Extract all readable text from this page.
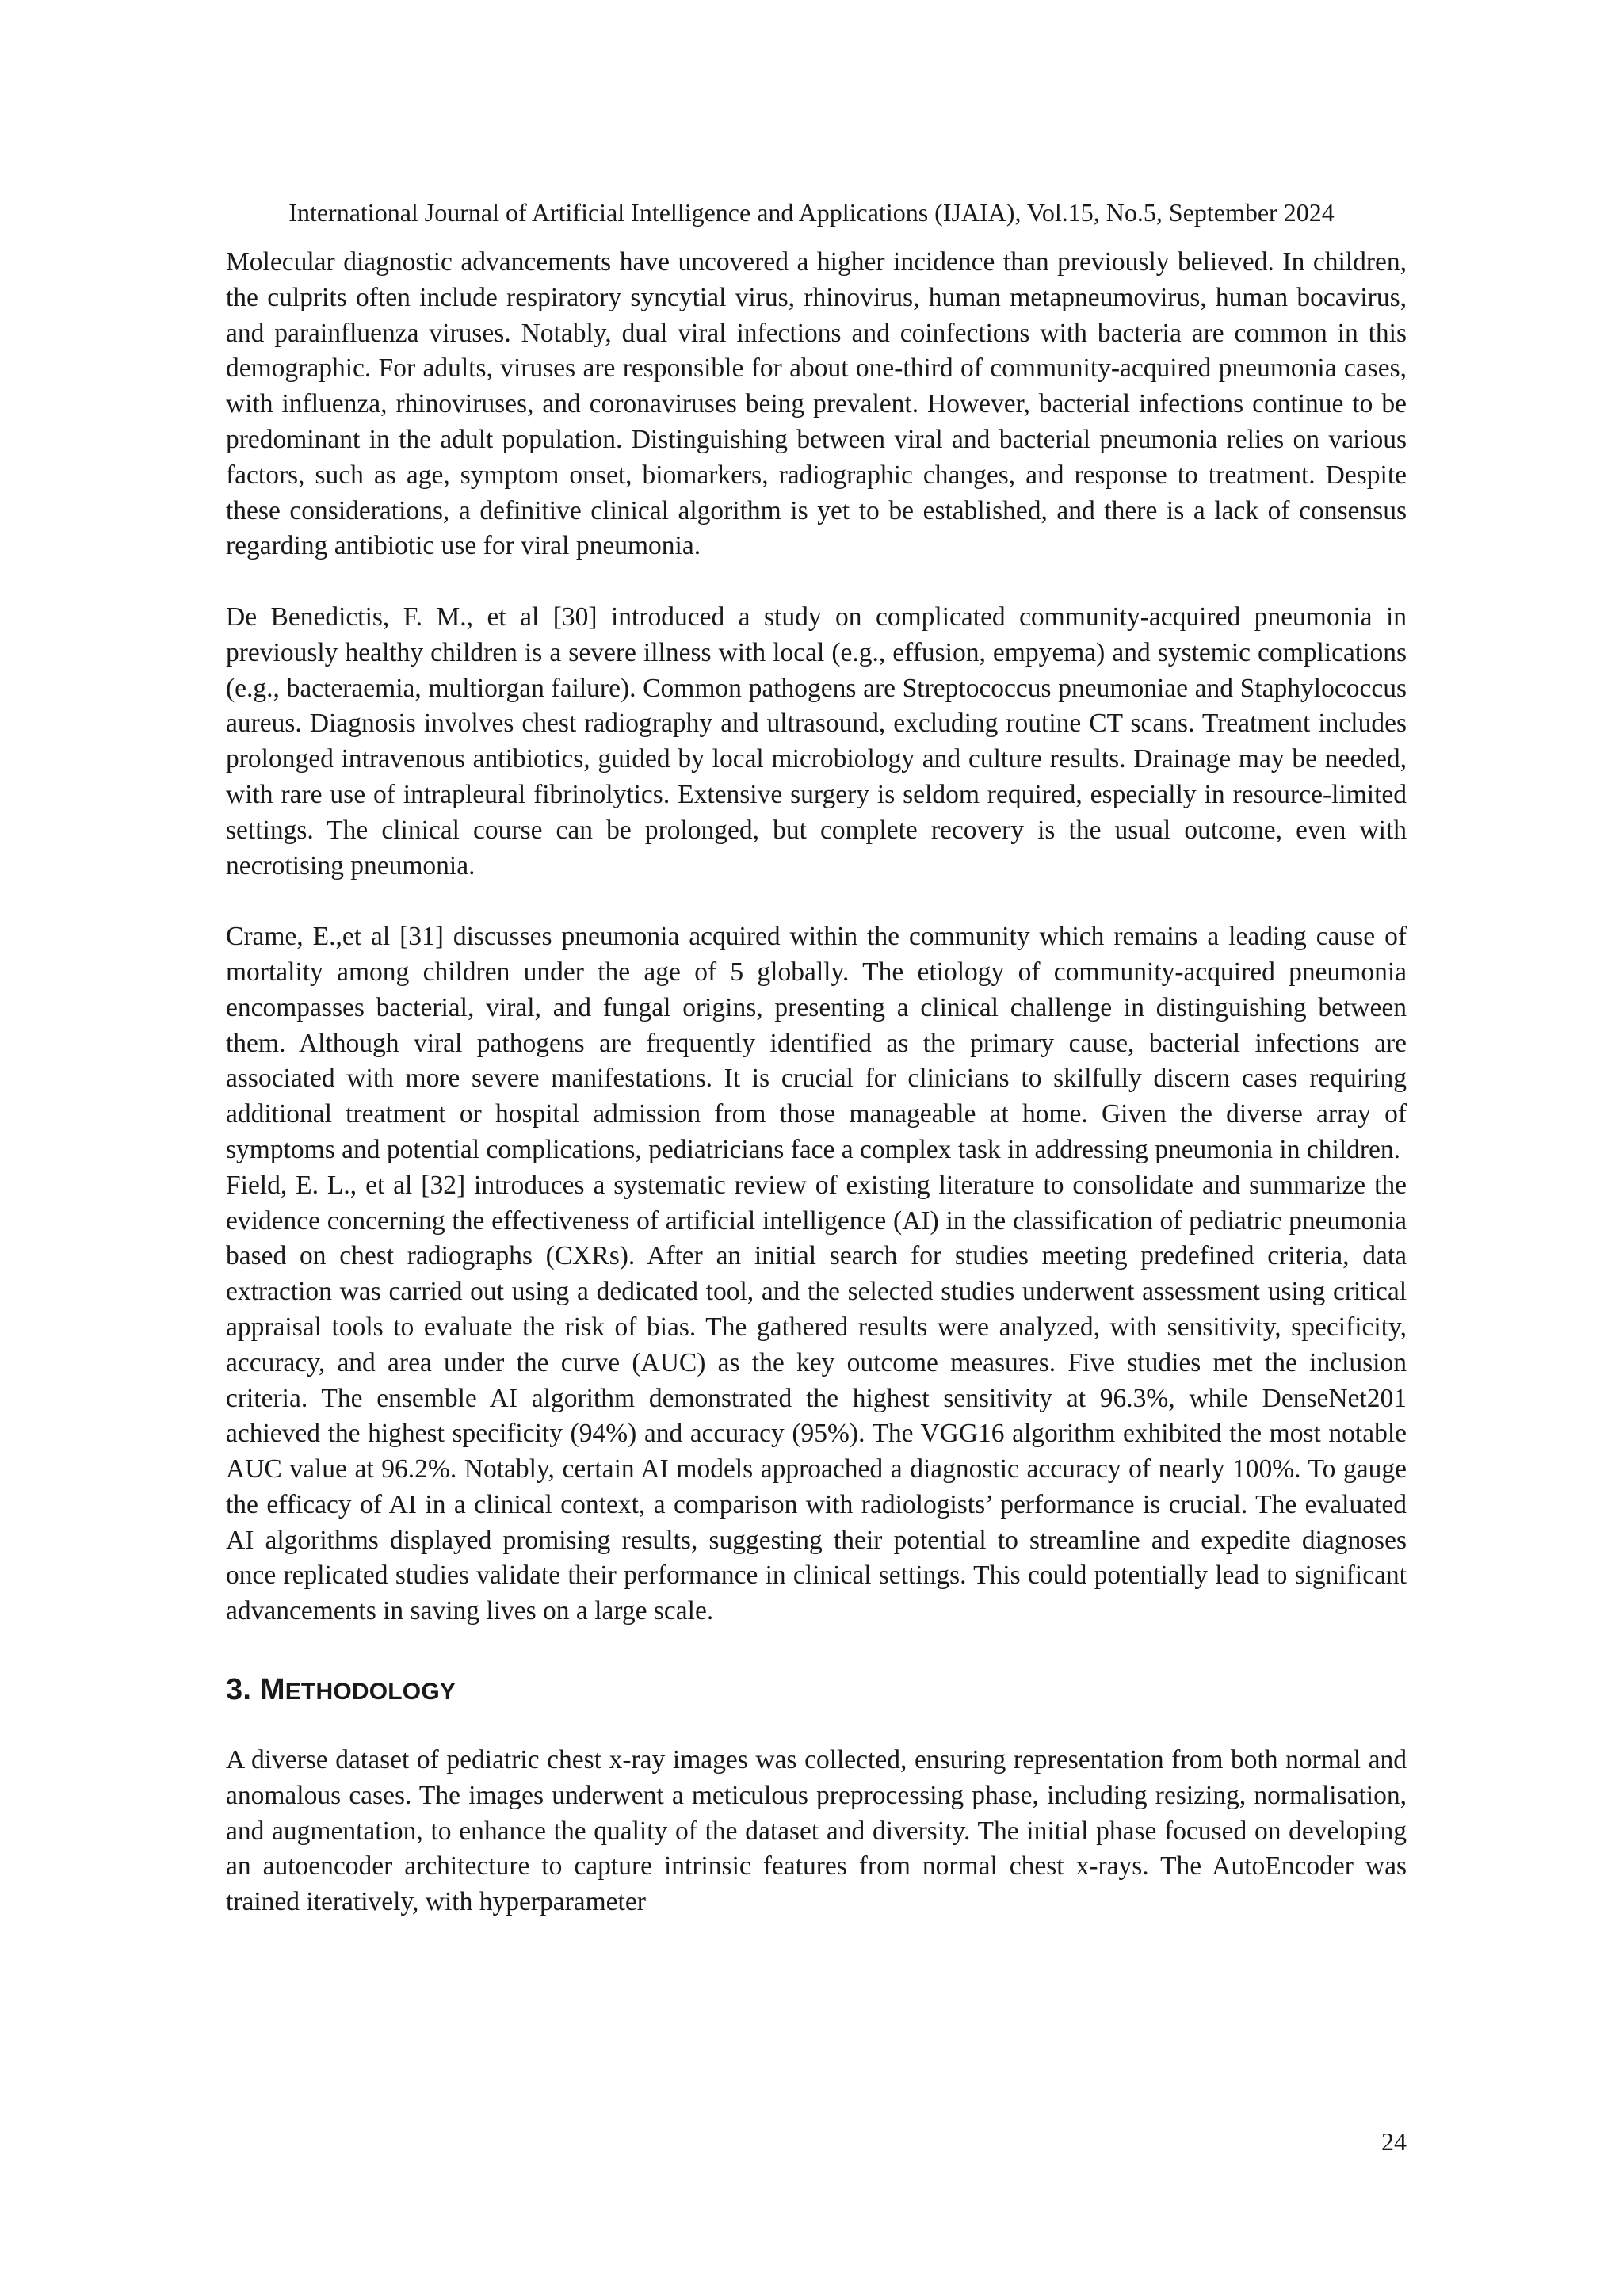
International Journal of Artificial Intelligence and Applications (IJAIA), Vol.15, No.5, September 2024

Molecular diagnostic advancements have uncovered a higher incidence than previously believed. In children, the culprits often include respiratory syncytial virus, rhinovirus, human metapneumovirus, human bocavirus, and parainfluenza viruses. Notably, dual viral infections and coinfections with bacteria are common in this demographic. For adults, viruses are responsible for about one-third of community-acquired pneumonia cases, with influenza, rhinoviruses, and coronaviruses being prevalent. However, bacterial infections continue to be predominant in the adult population. Distinguishing between viral and bacterial pneumonia relies on various factors, such as age, symptom onset, biomarkers, radiographic changes, and response to treatment. Despite these considerations, a definitive clinical algorithm is yet to be established, and there is a lack of consensus regarding antibiotic use for viral pneumonia.

De Benedictis, F. M., et al [30] introduced a study on complicated community-acquired pneumonia in previously healthy children is a severe illness with local (e.g., effusion, empyema) and systemic complications (e.g., bacteraemia, multiorgan failure). Common pathogens are Streptococcus pneumoniae and Staphylococcus aureus. Diagnosis involves chest radiography and ultrasound, excluding routine CT scans. Treatment includes prolonged intravenous antibiotics, guided by local microbiology and culture results. Drainage may be needed, with rare use of intrapleural fibrinolytics. Extensive surgery is seldom required, especially in resource-limited settings. The clinical course can be prolonged, but complete recovery is the usual outcome, even with necrotising pneumonia.

Crame, E.,et al [31] discusses pneumonia acquired within the community which remains a leading cause of mortality among children under the age of 5 globally. The etiology of community-acquired pneumonia encompasses bacterial, viral, and fungal origins, presenting a clinical challenge in distinguishing between them. Although viral pathogens are frequently identified as the primary cause, bacterial infections are associated with more severe manifestations. It is crucial for clinicians to skilfully discern cases requiring additional treatment or hospital admission from those manageable at home. Given the diverse array of symptoms and potential complications, pediatricians face a complex task in addressing pneumonia in children.

Field, E. L., et al [32] introduces a systematic review of existing literature to consolidate and summarize the evidence concerning the effectiveness of artificial intelligence (AI) in the classification of pediatric pneumonia based on chest radiographs (CXRs). After an initial search for studies meeting predefined criteria, data extraction was carried out using a dedicated tool, and the selected studies underwent assessment using critical appraisal tools to evaluate the risk of bias. The gathered results were analyzed, with sensitivity, specificity, accuracy, and area under the curve (AUC) as the key outcome measures. Five studies met the inclusion criteria. The ensemble AI algorithm demonstrated the highest sensitivity at 96.3%, while DenseNet201 achieved the highest specificity (94%) and accuracy (95%). The VGG16 algorithm exhibited the most notable AUC value at 96.2%. Notably, certain AI models approached a diagnostic accuracy of nearly 100%. To gauge the efficacy of AI in a clinical context, a comparison with radiologists’ performance is crucial. The evaluated AI algorithms displayed promising results, suggesting their potential to streamline and expedite diagnoses once replicated studies validate their performance in clinical settings. This could potentially lead to significant advancements in saving lives on a large scale.

3. METHODOLOGY

A diverse dataset of pediatric chest x-ray images was collected, ensuring representation from both normal and anomalous cases. The images underwent a meticulous preprocessing phase, including resizing, normalisation, and augmentation, to enhance the quality of the dataset and diversity. The initial phase focused on developing an autoencoder architecture to capture intrinsic features from normal chest x-rays. The AutoEncoder was trained iteratively, with hyperparameter

24
